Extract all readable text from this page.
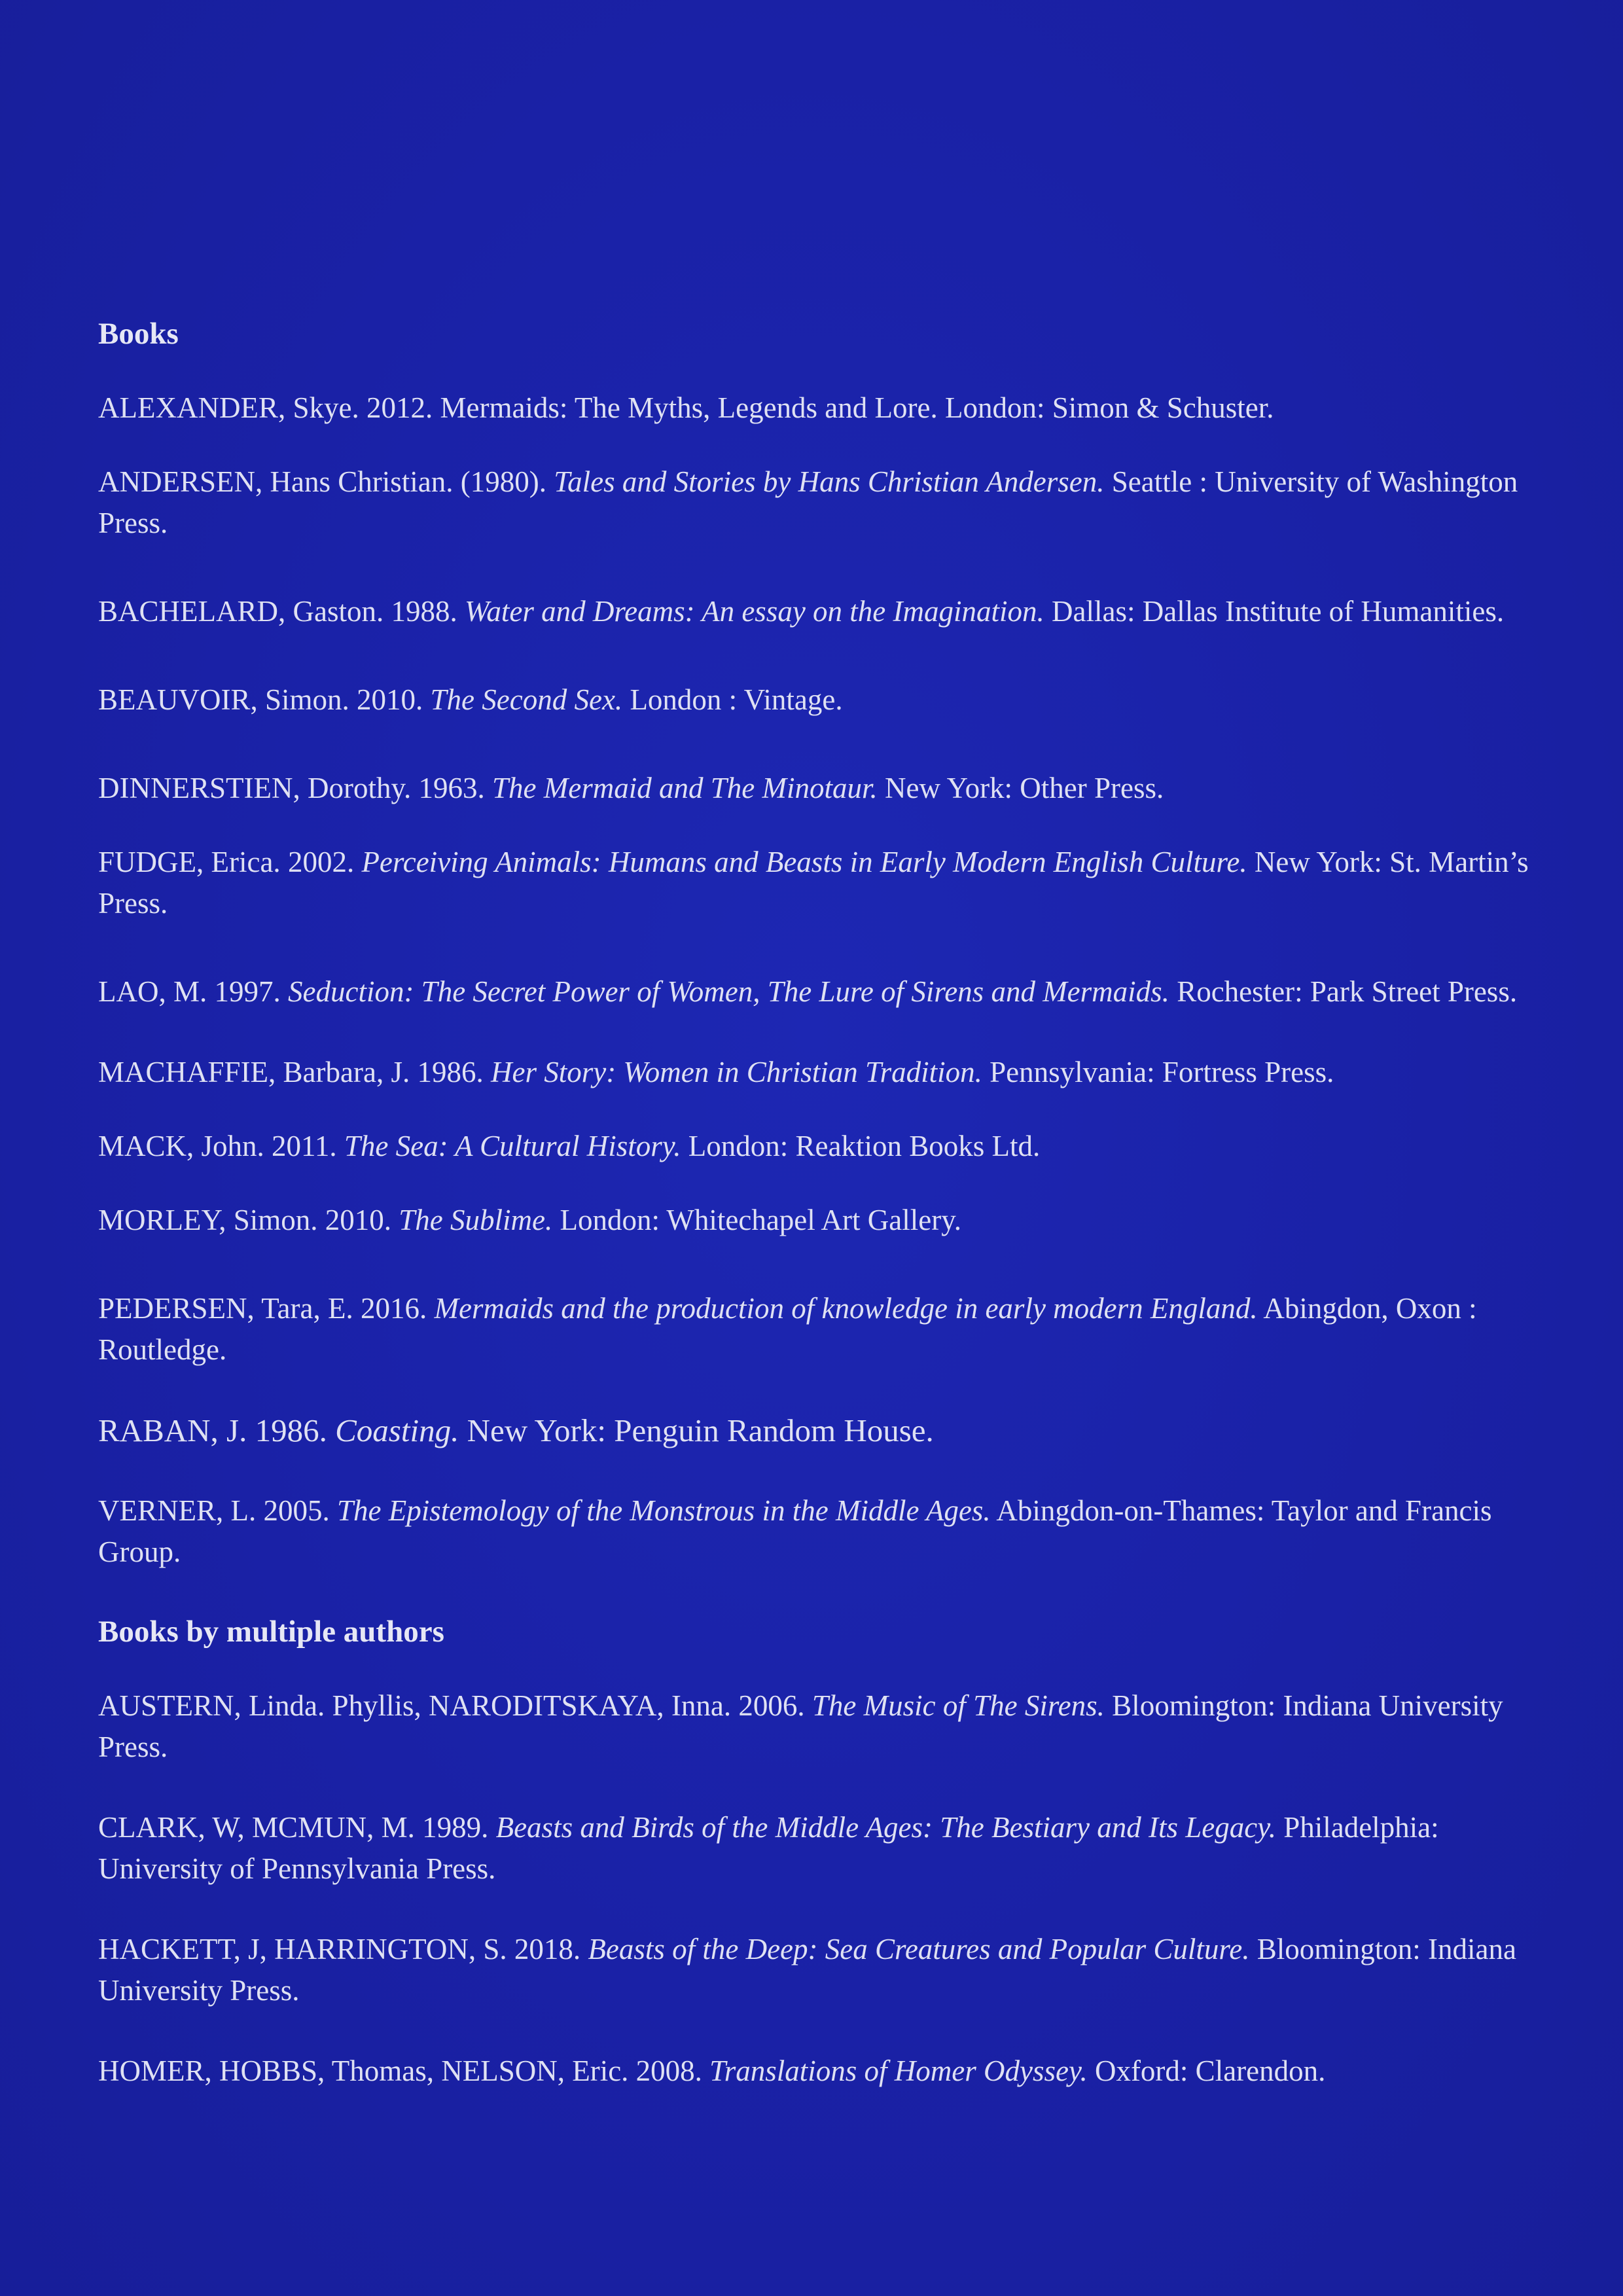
Books

ALEXANDER, Skye. 2012. Mermaids: The Myths, Legends and Lore. London: Simon & Schuster.

ANDERSEN, Hans Christian. (1980). Tales and Stories by Hans Christian Andersen. Seattle : University of Washington Press.

BACHELARD, Gaston. 1988. Water and Dreams: An essay on the Imagination. Dallas: Dallas Institute of Humanities.

BEAUVOIR, Simon. 2010. The Second Sex. London : Vintage.

DINNERSTIEN, Dorothy. 1963. The Mermaid and The Minotaur. New York: Other Press.

FUDGE, Erica. 2002. Perceiving Animals: Humans and Beasts in Early Modern English Culture. New York: St. Martin’s Press.

LAO, M. 1997. Seduction: The Secret Power of Women, The Lure of Sirens and Mermaids. Rochester: Park Street Press.

MACHAFFIE, Barbara, J. 1986. Her Story: Women in Christian Tradition. Pennsylvania: Fortress Press.

MACK, John. 2011. The Sea: A Cultural History. London: Reaktion Books Ltd.

MORLEY, Simon. 2010. The Sublime. London: Whitechapel Art Gallery.

PEDERSEN, Tara, E. 2016. Mermaids and the production of knowledge in early modern England. Abingdon, Oxon : Routledge.

RABAN, J. 1986. Coasting. New York: Penguin Random House.

VERNER, L. 2005. The Epistemology of the Monstrous in the Middle Ages. Abingdon-on-Thames: Taylor and Francis Group.

Books by multiple authors

AUSTERN, Linda. Phyllis, NARODITSKAYA, Inna. 2006. The Music of The Sirens. Bloomington: Indiana University Press.

CLARK, W, MCMUN, M. 1989. Beasts and Birds of the Middle Ages: The Bestiary and Its Legacy. Philadelphia: University of Pennsylvania Press.

HACKETT, J, HARRINGTON, S. 2018. Beasts of the Deep: Sea Creatures and Popular Culture. Bloomington: Indiana University Press.

HOMER, HOBBS, Thomas, NELSON, Eric. 2008. Translations of Homer Odyssey. Oxford: Clarendon.
